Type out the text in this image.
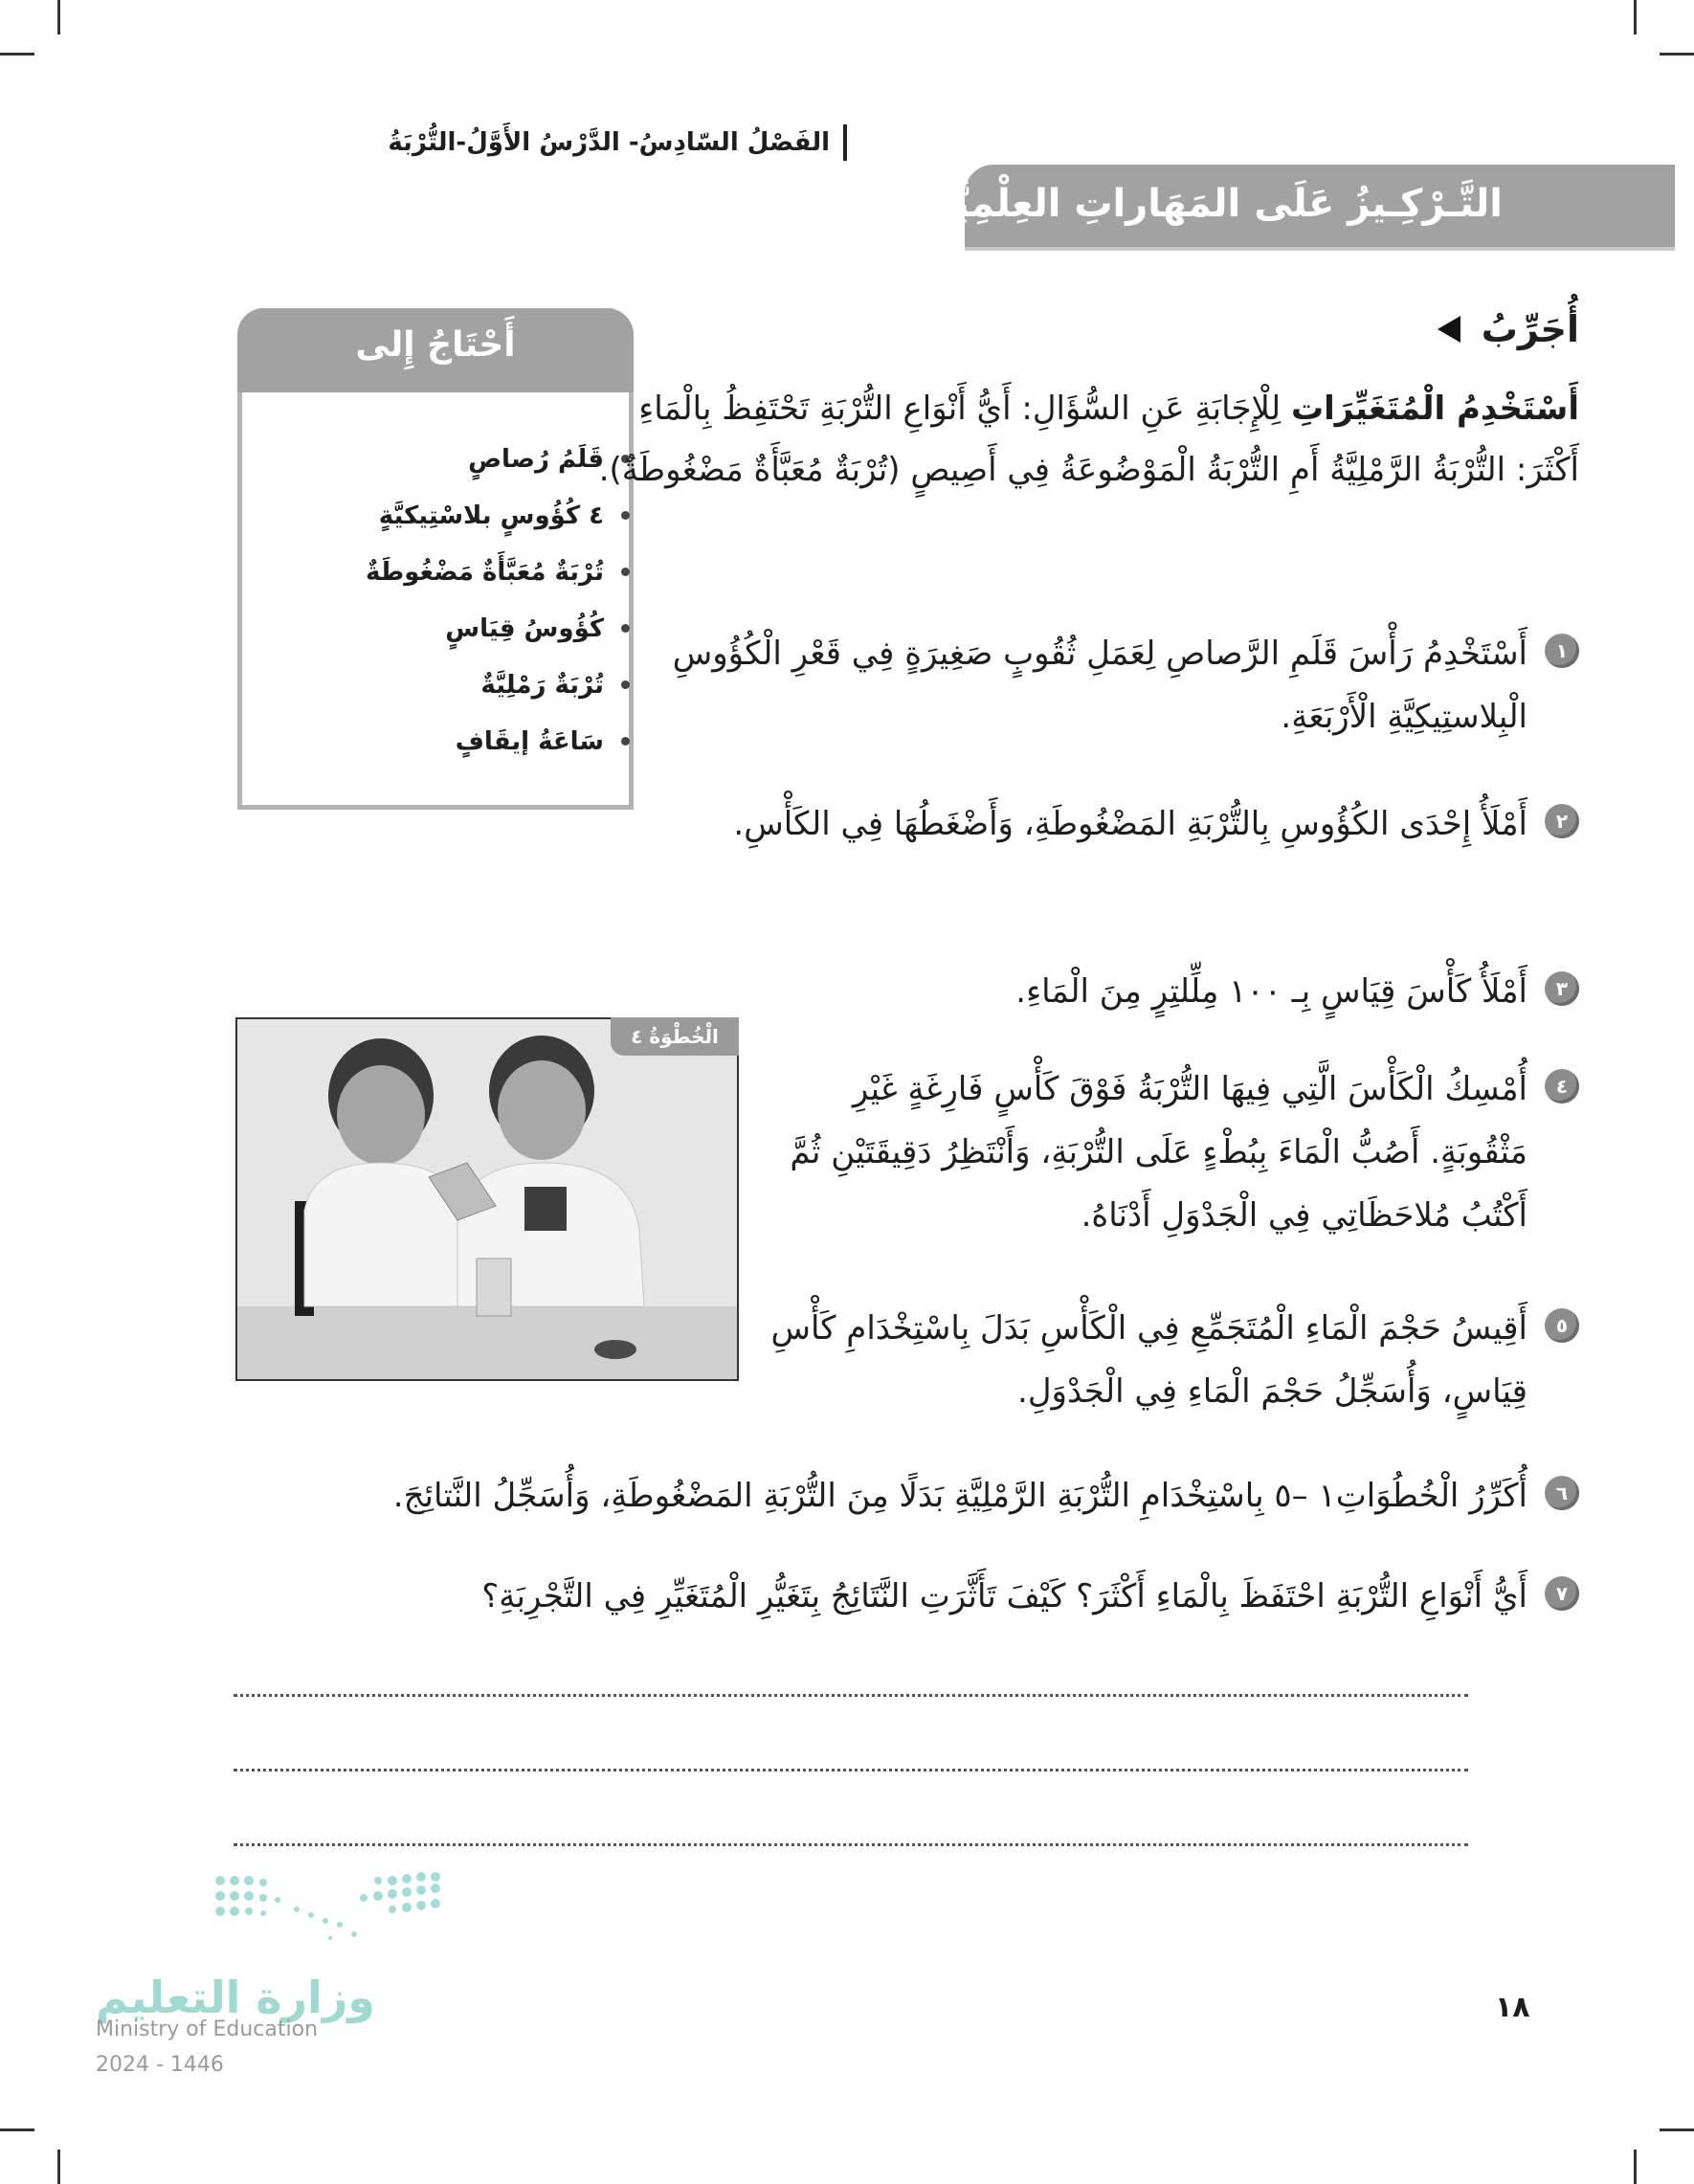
الفَصْلُ السّادِسُ- الدَّرْسُ الأَوَّلُ-التُّرْبَةُ
التَّـرْكِـيزُ عَلَى المَهَاراتِ العِلْمِيَّةِ
أَحْتَاجُ إِلى
قَلَمُ رُصاصٍ
٤ كُؤُوسٍ بلاسْتِيكيَّةٍ
تُرْبَةٌ مُعَبَّأَةٌ مَضْغُوطَةٌ
كُؤُوسُ قِيَاسٍ
تُرْبَةٌ رَمْلِيَّةٌ
سَاعَةُ إيقَافٍ
أُجَرِّبُ
أَسْتَخْدِمُ الْمُتَغَيِّرَاتِ لِلْإِجَابَةِ عَنِ السُّؤَالِ: أَيُّ أَنْوَاعِ التُّرْبَةِ تَحْتَفِظُ بِالْمَاءِ أَكْثَرَ: التُّرْبَةُ الرَّمْلِيَّةُ أَمِ التُّرْبَةُ الْمَوْضُوعَةُ فِي أَصِيصٍ (تُرْبَةٌ مُعَبَّأَةٌ مَضْغُوطَةٌ).
١
أَسْتَخْدِمُ رَأْسَ قَلَمِ الرَّصاصِ لِعَمَلِ ثُقُوبٍ صَغِيرَةٍ فِي قَعْرِ الْكُؤُوسِ الْبِلاستِيكِيَّةِ الْأَرْبَعَةِ.
٢
أَمْلَأُ إِحْدَى الكُؤُوسِ بِالتُّرْبَةِ المَضْغُوطَةِ، وَأَضْغَطُهَا فِي الكَأْسِ.
٣
أَمْلَأُ كَأْسَ قِيَاسٍ بِـ ١٠٠ مِلِّلتِرٍ مِنَ الْمَاءِ.
٤
أُمْسِكُ الْكَأْسَ الَّتِي فِيهَا التُّرْبَةُ فَوْقَ كَأْسٍ فَارِغَةٍ غَيْرِ مَثْقُوبَةٍ. أَصُبُّ الْمَاءَ بِبُطْءٍ عَلَى التُّرْبَةِ، وَأَنْتَظِرُ دَقِيقَتَيْنِ ثُمَّ أَكْتُبُ مُلاحَظَاتِي فِي الْجَدْوَلِ أَدْنَاهُ.
٥
أَقِيسُ حَجْمَ الْمَاءِ الْمُتَجَمِّعِ فِي الْكَأْسِ بَدَلَ بِاسْتِخْدَامِ كَأْسِ قِيَاسٍ، وَأُسَجِّلُ حَجْمَ الْمَاءِ فِي الْجَدْوَلِ.
٦
أُكَرِّرُ الْخُطُوَاتِ١ –٥ بِاسْتِخْدَامِ التُّرْبَةِ الرَّمْلِيَّةِ بَدَلًا مِنَ التُّرْبَةِ المَضْغُوطَةِ، وَأُسَجِّلُ النَّتائِجَ.
٧
أَيُّ أَنْوَاعِ التُّرْبَةِ احْتَفَظَ بِالْمَاءِ أَكْثَرَ؟ كَيْفَ تَأَثَّرَتِ النَّتَائِجُ بِتَغَيُّرِ الْمُتَغَيِّرِ فِي التَّجْرِبَةِ؟
الْخُطْوَةُ ٤
وزارة التعليم
Ministry of Education
2024 - 1446
١٨
